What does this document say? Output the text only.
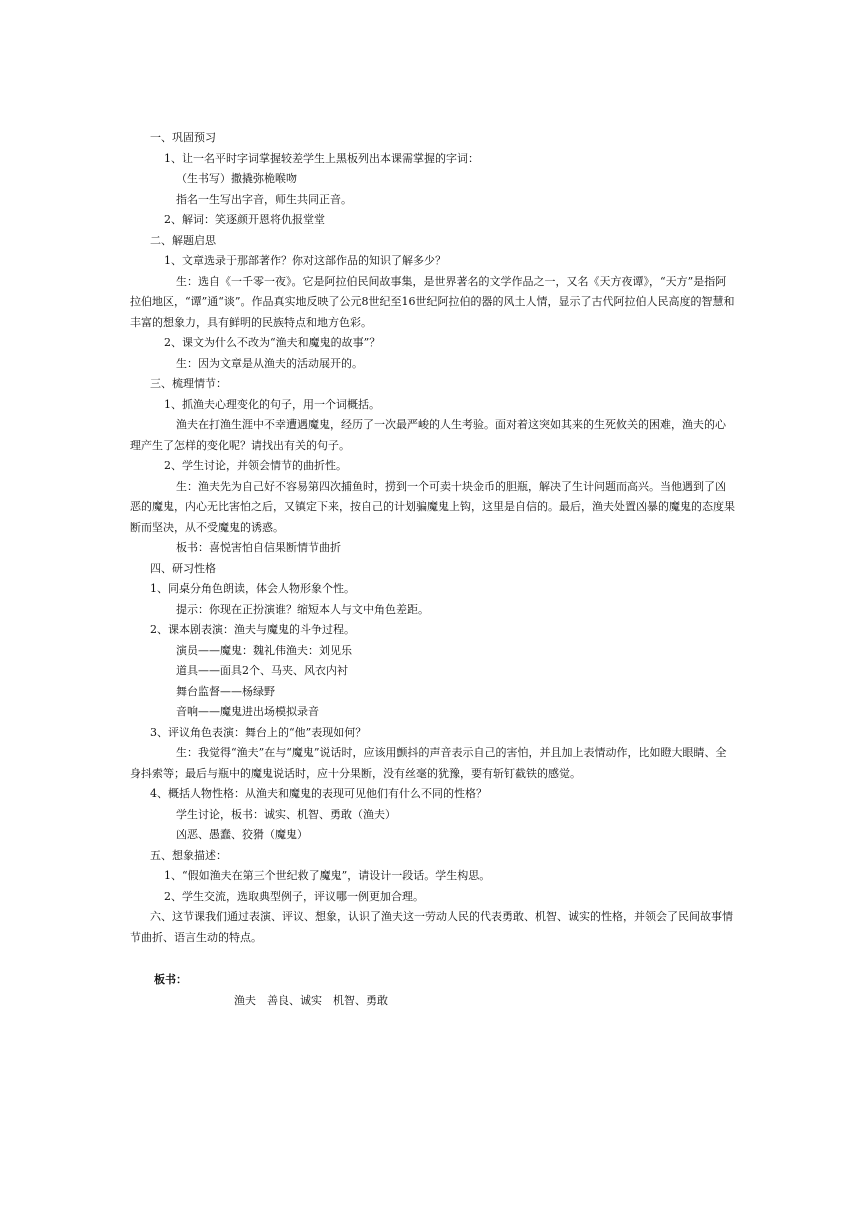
一、巩固预习

1、让一名平时字词掌握较差学生上黑板列出本课需掌握的字词：

（生书写）撒撬弥桅喉吻

指名一生写出字音，师生共同正音。

2、解词：笑逐颜开恩将仇报堂堂

二、解题启思

1、文章选录于那部著作？你对这部作品的知识了解多少？

生：选自《一千零一夜》。它是阿拉伯民间故事集，是世界著名的文学作品之一，又名《天方夜谭》，“天方”是指阿拉伯地区，“谭”通“谈”。作品真实地反映了公元8世纪至16世纪阿拉伯的器的风土人情，显示了古代阿拉伯人民高度的智慧和丰富的想象力，具有鲜明的民族特点和地方色彩。

2、课文为什么不改为“渔夫和魔鬼的故事”？

生：因为文章是从渔夫的活动展开的。

三、梳理情节：

1、抓渔夫心理变化的句子，用一个词概括。

渔夫在打渔生涯中不幸遭遇魔鬼，经历了一次最严峻的人生考验。面对着这突如其来的生死攸关的困难，渔夫的心理产生了怎样的变化呢？请找出有关的句子。

2、学生讨论，并领会情节的曲折性。

生：渔夫先为自己好不容易第四次捕鱼时，捞到一个可卖十块金币的胆瓶，解决了生计问题而高兴。当他遇到了凶恶的魔鬼，内心无比害怕之后，又镇定下来，按自己的计划骗魔鬼上钩，这里是自信的。最后，渔夫处置凶暴的魔鬼的态度果断而坚决，从不受魔鬼的诱惑。

板书：喜悦害怕自信果断情节曲折

四、研习性格

1、同桌分角色朗读，体会人物形象个性。

提示：你现在正扮演谁？缩短本人与文中角色差距。

2、课本剧表演：渔夫与魔鬼的斗争过程。

演员——魔鬼：魏礼伟渔夫：刘见乐

道具——面具2个、马夹、风衣内衬

舞台监督——杨绿野

音响——魔鬼进出场模拟录音

3、评议角色表演：舞台上的“他”表现如何？

生：我觉得“渔夫”在与“魔鬼”说话时，应该用颤抖的声音表示自己的害怕，并且加上表情动作，比如瞪大眼睛、全身抖索等；最后与瓶中的魔鬼说话时，应十分果断，没有丝毫的犹豫，要有斩钉截铁的感觉。

4、概括人物性格：从渔夫和魔鬼的表现可见他们有什么不同的性格？

学生讨论，板书：诚实、机智、勇敢（渔夫）

凶恶、愚蠢、狡猾（魔鬼）

五、想象描述：

1、“假如渔夫在第三个世纪救了魔鬼”，请设计一段话。学生构思。

2、学生交流，选取典型例子，评议哪一例更加合理。

六、这节课我们通过表演、评议、想象，认识了渔夫这一劳动人民的代表勇敢、机智、诚实的性格，并领会了民间故事情节曲折、语言生动的特点。

板书：

渔夫　善良、诚实　机智、勇敢
